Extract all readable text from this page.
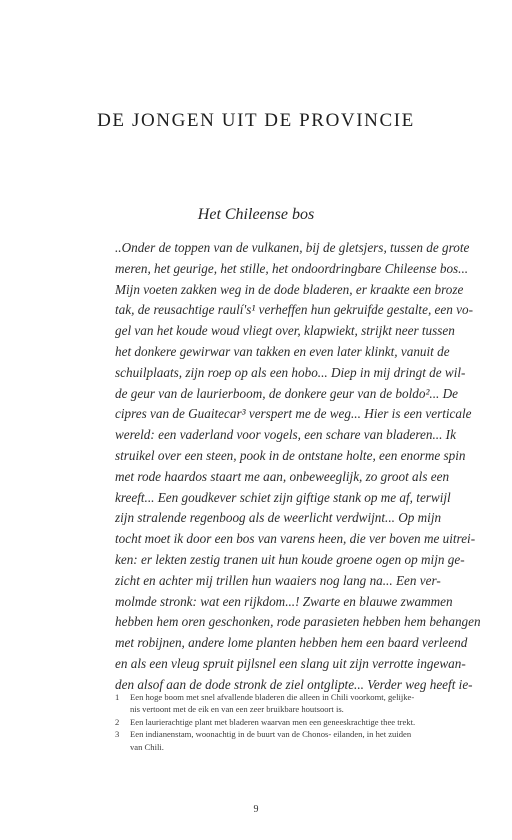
DE JONGEN UIT DE PROVINCIE
Het Chileense bos
..Onder de toppen van de vulkanen, bij de gletsjers, tussen de grote
meren, het geurige, het stille, het ondoordringbare Chileense bos...
Mijn voeten zakken weg in de dode bladeren, er kraakte een broze
tak, de reusachtige raulí's¹ verheffen hun gekruifde gestalte, een vo-
gel van het koude woud vliegt over, klapwiekt, strijkt neer tussen
het donkere gewirwar van takken en even later klinkt, vanuit de
schuilplaats, zijn roep op als een hobo... Diep in mij dringt de wil-
de geur van de laurierboom, de donkere geur van de boldo²... De
cipres van de Guaitecar³ verspert me de weg... Hier is een verticale
wereld: een vaderland voor vogels, een schare van bladeren... Ik
struikel over een steen, pook in de ontstane holte, een enorme spin
met rode haardos staart me aan, onbeweeglijk, zo groot als een
kreeft... Een goudkever schiet zijn giftige stank op me af, terwijl
zijn stralende regenboog als de weerlicht verdwijnt... Op mijn
tocht moet ik door een bos van varens heen, die ver boven me uitrei-
ken: er lekten zestig tranen uit hun koude groene ogen op mijn ge-
zicht en achter mij trillen hun waaiers nog lang na... Een ver-
molmde stronk: wat een rijkdom...! Zwarte en blauwe zwammen
hebben hem oren geschonken, rode parasieten hebben hem behangen
met robijnen, andere lome planten hebben hem een baard verleend
en als een vleug spruit pijlsnel een slang uit zijn verrotte ingewan-
den alsof aan de dode stronk de ziel ontglipte... Verder weg heeft ie-
1 Een hoge boom met snel afvallende bladeren die alleen in Chili voorkomt, gelijke-
nis vertoont met de eik en van een zeer bruikbare houtsoort is.
2 Een laurierachtige plant met bladeren waarvan men een geneeskrachtige thee trekt.
3 Een indianenstam, woonachtig in de buurt van de Chonos- eilanden, in het zuiden
van Chili.
9
